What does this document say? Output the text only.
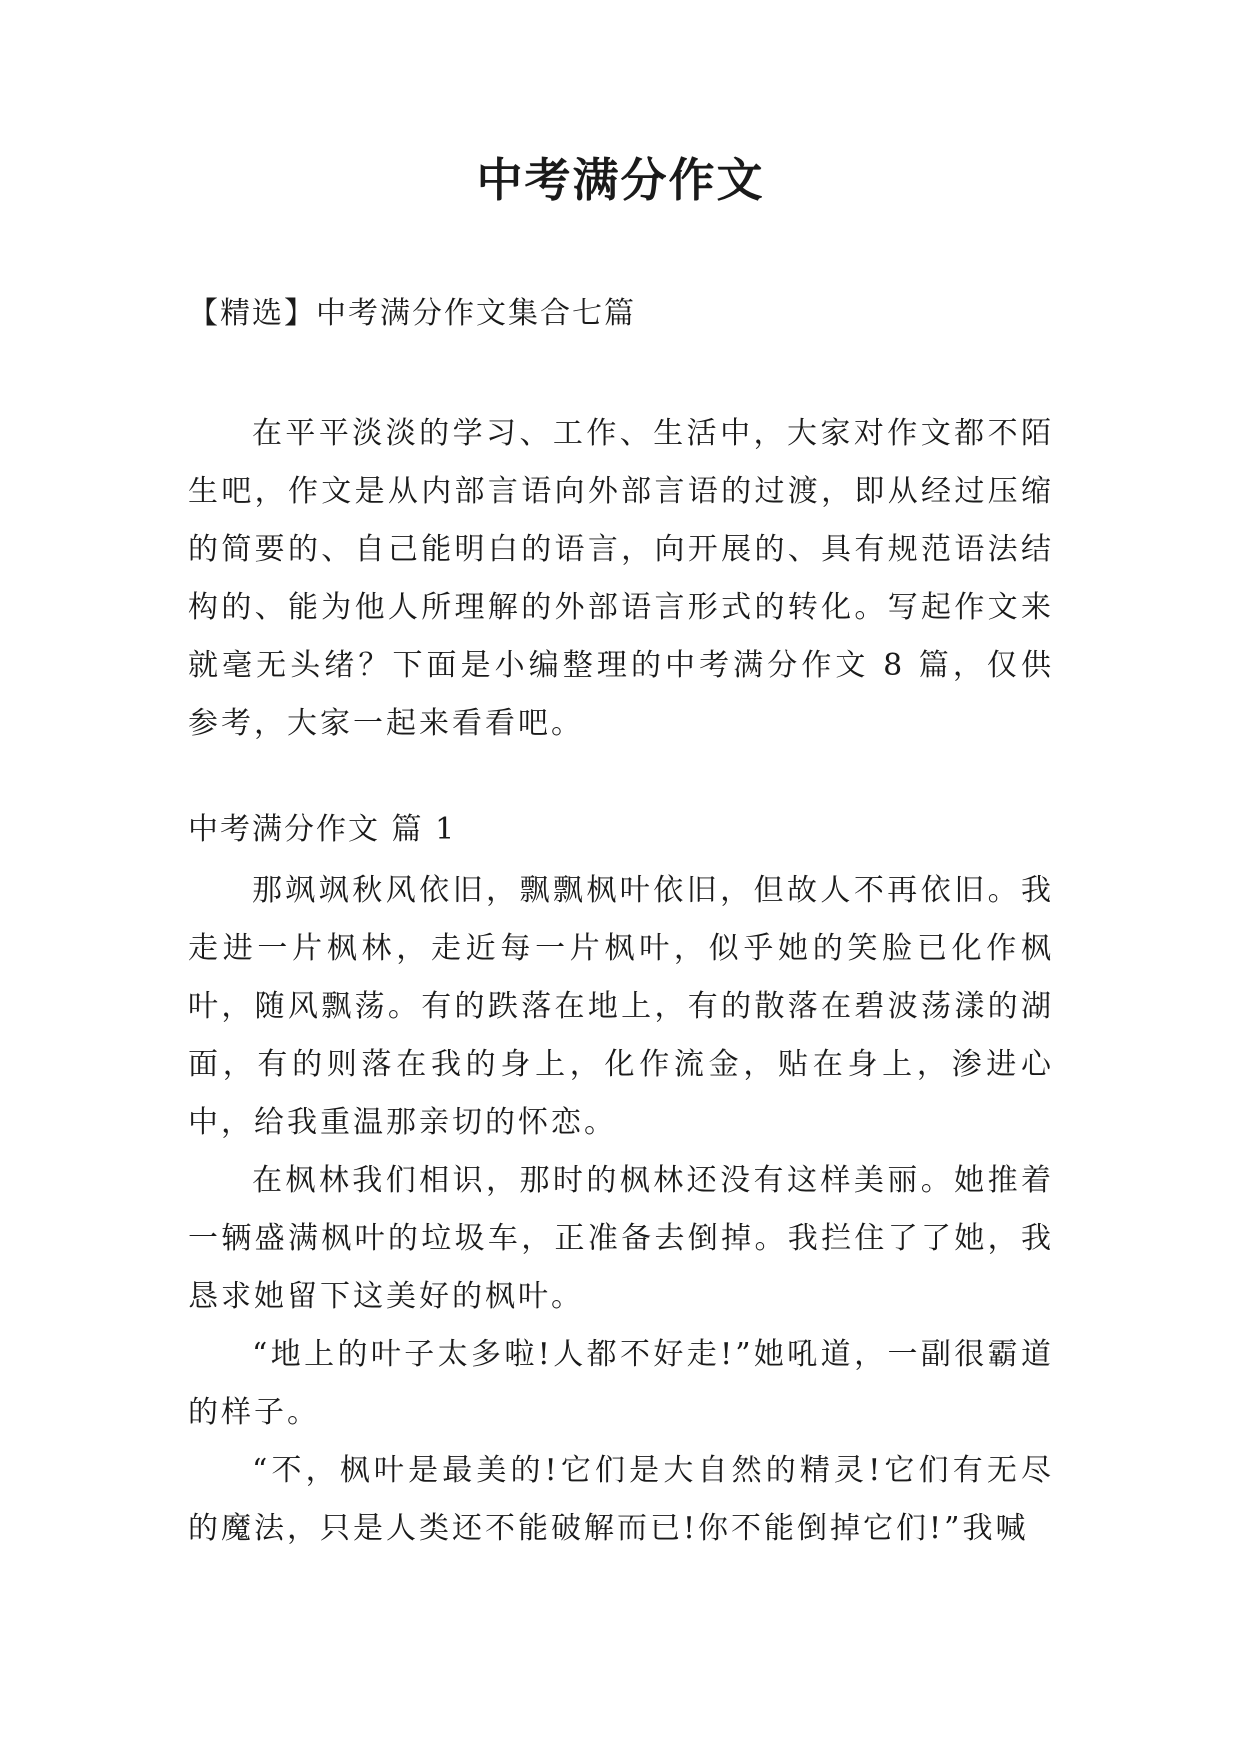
中考满分作文

【精选】中考满分作文集合七篇

在平平淡淡的学习、工作、生活中，大家对作文都不陌生吧，作文是从内部言语向外部言语的过渡，即从经过压缩的简要的、自己能明白的语言，向开展的、具有规范语法结构的、能为他人所理解的外部语言形式的转化。写起作文来就毫无头绪？下面是小编整理的中考满分作文 8 篇，仅供参考，大家一起来看看吧。

中考满分作文 篇 1

那飒飒秋风依旧，飘飘枫叶依旧，但故人不再依旧。我走进一片枫林，走近每一片枫叶，似乎她的笑脸已化作枫叶，随风飘荡。有的跌落在地上，有的散落在碧波荡漾的湖面，有的则落在我的身上，化作流金，贴在身上，渗进心中，给我重温那亲切的怀恋。

在枫林我们相识，那时的枫林还没有这样美丽。她推着一辆盛满枫叶的垃圾车，正准备去倒掉。我拦住了了她，我恳求她留下这美好的枫叶。

“地上的叶子太多啦!人都不好走!”她吼道，一副很霸道的样子。

“不，枫叶是最美的!它们是大自然的精灵!它们有无尽的魔法，只是人类还不能破解而已!你不能倒掉它们!”我喊
